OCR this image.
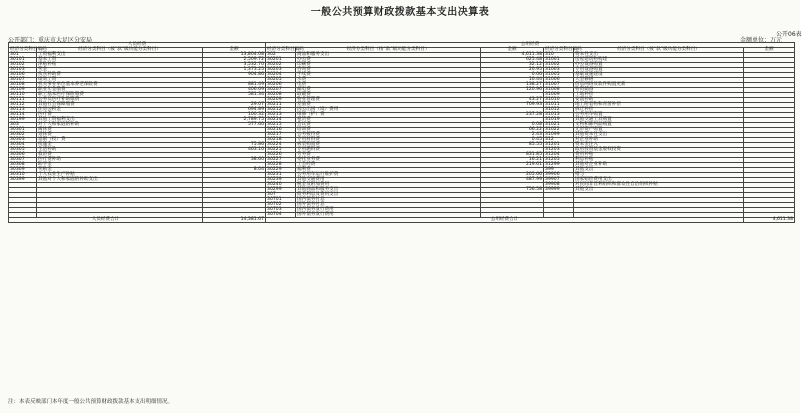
一般公共预算财政拨款基本支出决算表
公开06表
公开部门：重庆市大足区分安局	金额单位：万元
人员经费			公用经费					
经济分类科目编码	经济分类科目（按“款”级功能分类科目）	金额	经济分类科目编码	经济分类科目（按“款”级功能分类科目）	金额	经济分类科目编码	经济分类科目（按“款”级功能分类科目）	金额
301	工资福利支出	13,804.08	302	商品和服务支出	4,611.38	310	资本性支出	
30101	基本工资	2,509.72	30201	办公费	625.48	31001	房屋建筑物购建	
30102	津贴补贴	3,532.70	30202	印刷费	32.12	31002	办公设备购置	
30103	奖金	1,373.25	30203	咨询费	20.95	31003	专用设备购置	
30106	伙食补助费	904.86	30204	手续费	0.06	31005	基础设施建设	
30107	绩效工资		30205	水费	10.44	31006	大型修缮	
30108	机关事业单位基本养老保险费	881.49	30206	电费	138.27	31007	信息网络及软件购置更新	
30109	职业年金缴费	406.69	30207	邮电费	120.96	31008	物资储备	
30110	职工基本医疗保险缴费	581.34	30208	取暖费		31009	土地补偿	
30111	公务员医疗补助缴费		30209	物业管理费	43.27	31010	安置补助	
30112	其他社会保障缴费	29.07	30211	差旅费	709.93	31011	地上附着物和青苗补偿	
30113	住房公积金	694.89	30212	因公出国（境）费用		31012	拆迁补偿	
30114	医疗费	100.32	30213	维修（护）费	237.28	31013	公务用车购置	
30199	其他工资福利支出	2,789.75	30214	租赁费		31019	其他交通工具购置	
303	对个人和家庭的补助	577.60	30215	会议费	0.08	31021	文物和陈列品购置	
30301	离休费		30216	培训费	66.22	31022	无形资产购置	
30302	退休费		30217	公务接待费	2.43	31099	其他资本性支出	
30303	退职（役）费		30218	专用材料费	0.45	312	对企业补助	
30304	抚恤金	75.86	30224	被装购置费	85.55	31201	资本金注入	
30305	生活补助	463.10	30225	专用燃料费		31203	政府投资基金股权投资	
30306	救济费		30226	劳务费	831.85	31204	费用补贴	
30307	医疗费补助	38.60	30227	委托业务费	16.21	31205	利息补贴	
30308	助学金		30228	工会经费	219.61	31299	其他对企业补助	
30309	奖励金	8.04	30229	福利费		399	其他支出	
30310	个人农业生产补贴		30231	公务用车运行维护费	205.66	39906	赠与	
30399	其他对个人和家庭的补助支出		30239	其他交通费用	487.99	39907	国家赔偿费用支出	
			30240	税金及附加费用		39908	对民间非营利组织和群众性自治组织补贴	
			30299	其他商品和服务支出	756.58	39999	其他支出	
			307	债务利息及费用支出				
			30701	国内债务付息				
			30702	国外债务付息				
			30703	国内债务发行费用				
			30704	国外债务发行费用				
人员经费合计		14,381.67	公用经费合计					4,611.38
注：本表反映部门本年度一般公共预算财政拨款基本支出明细情况。
